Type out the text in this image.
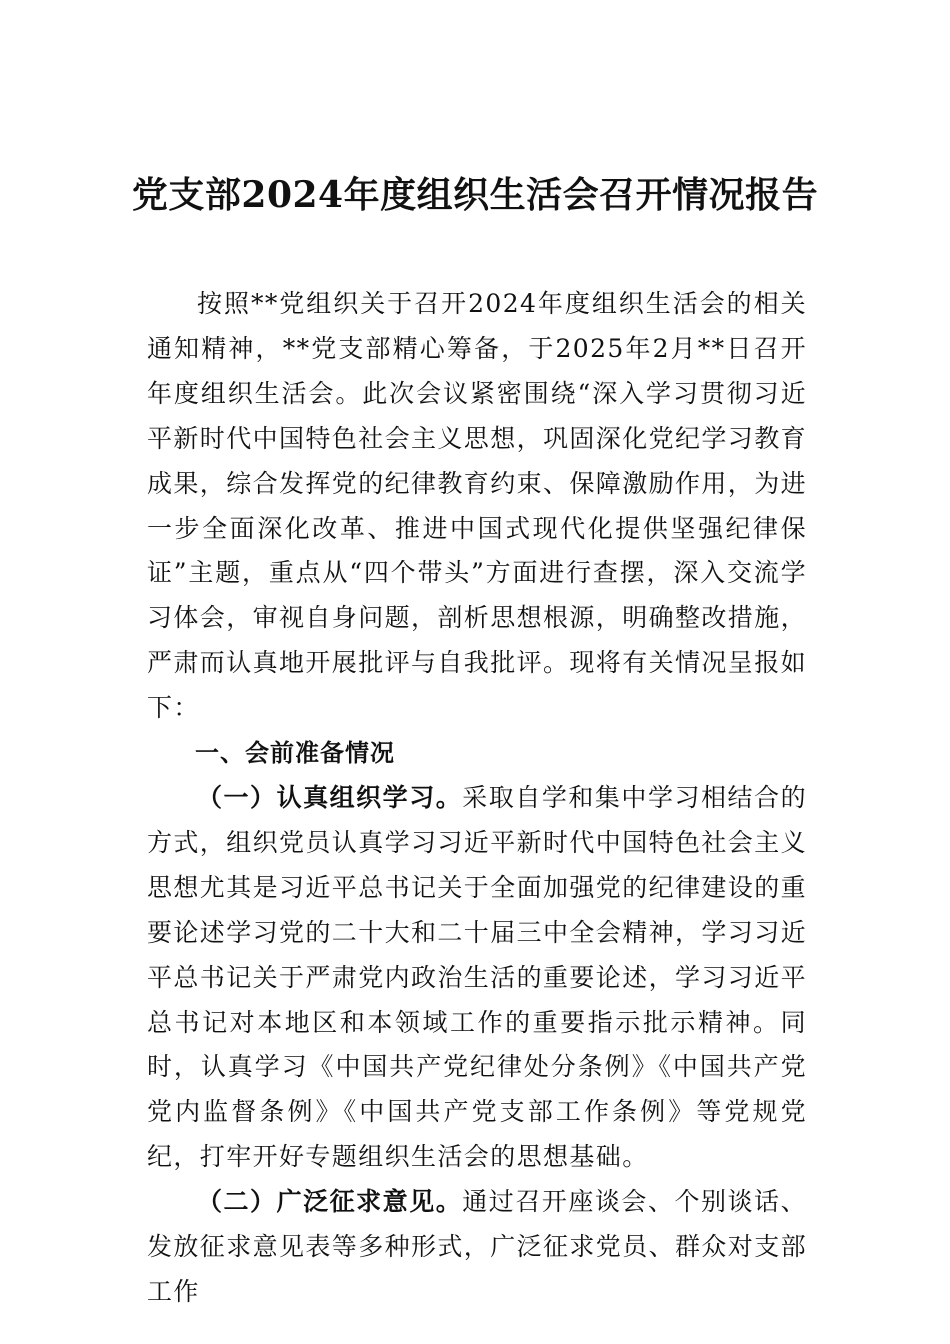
党支部2024年度组织生活会召开情况报告

按照**党组织关于召开2024年度组织生活会的相关通知精神，**党支部精心筹备，于2025年2月**日召开年度组织生活会。此次会议紧密围绕“深入学习贯彻习近平新时代中国特色社会主义思想，巩固深化党纪学习教育成果，综合发挥党的纪律教育约束、保障激励作用，为进一步全面深化改革、推进中国式现代化提供坚强纪律保证”主题，重点从“四个带头”方面进行查摆，深入交流学习体会，审视自身问题，剖析思想根源，明确整改措施，严肃而认真地开展批评与自我批评。现将有关情况呈报如下：

一、会前准备情况

（一）认真组织学习。采取自学和集中学习相结合的方式，组织党员认真学习习近平新时代中国特色社会主义思想尤其是习近平总书记关于全面加强党的纪律建设的重要论述学习党的二十大和二十届三中全会精神，学习习近平总书记关于严肃党内政治生活的重要论述，学习习近平总书记对本地区和本领域工作的重要指示批示精神。同时，认真学习《中国共产党纪律处分条例》《中国共产党党内监督条例》《中国共产党支部工作条例》等党规党纪，打牢开好专题组织生活会的思想基础。

（二）广泛征求意见。通过召开座谈会、个别谈话、发放征求意见表等多种形式，广泛征求党员、群众对支部工作
